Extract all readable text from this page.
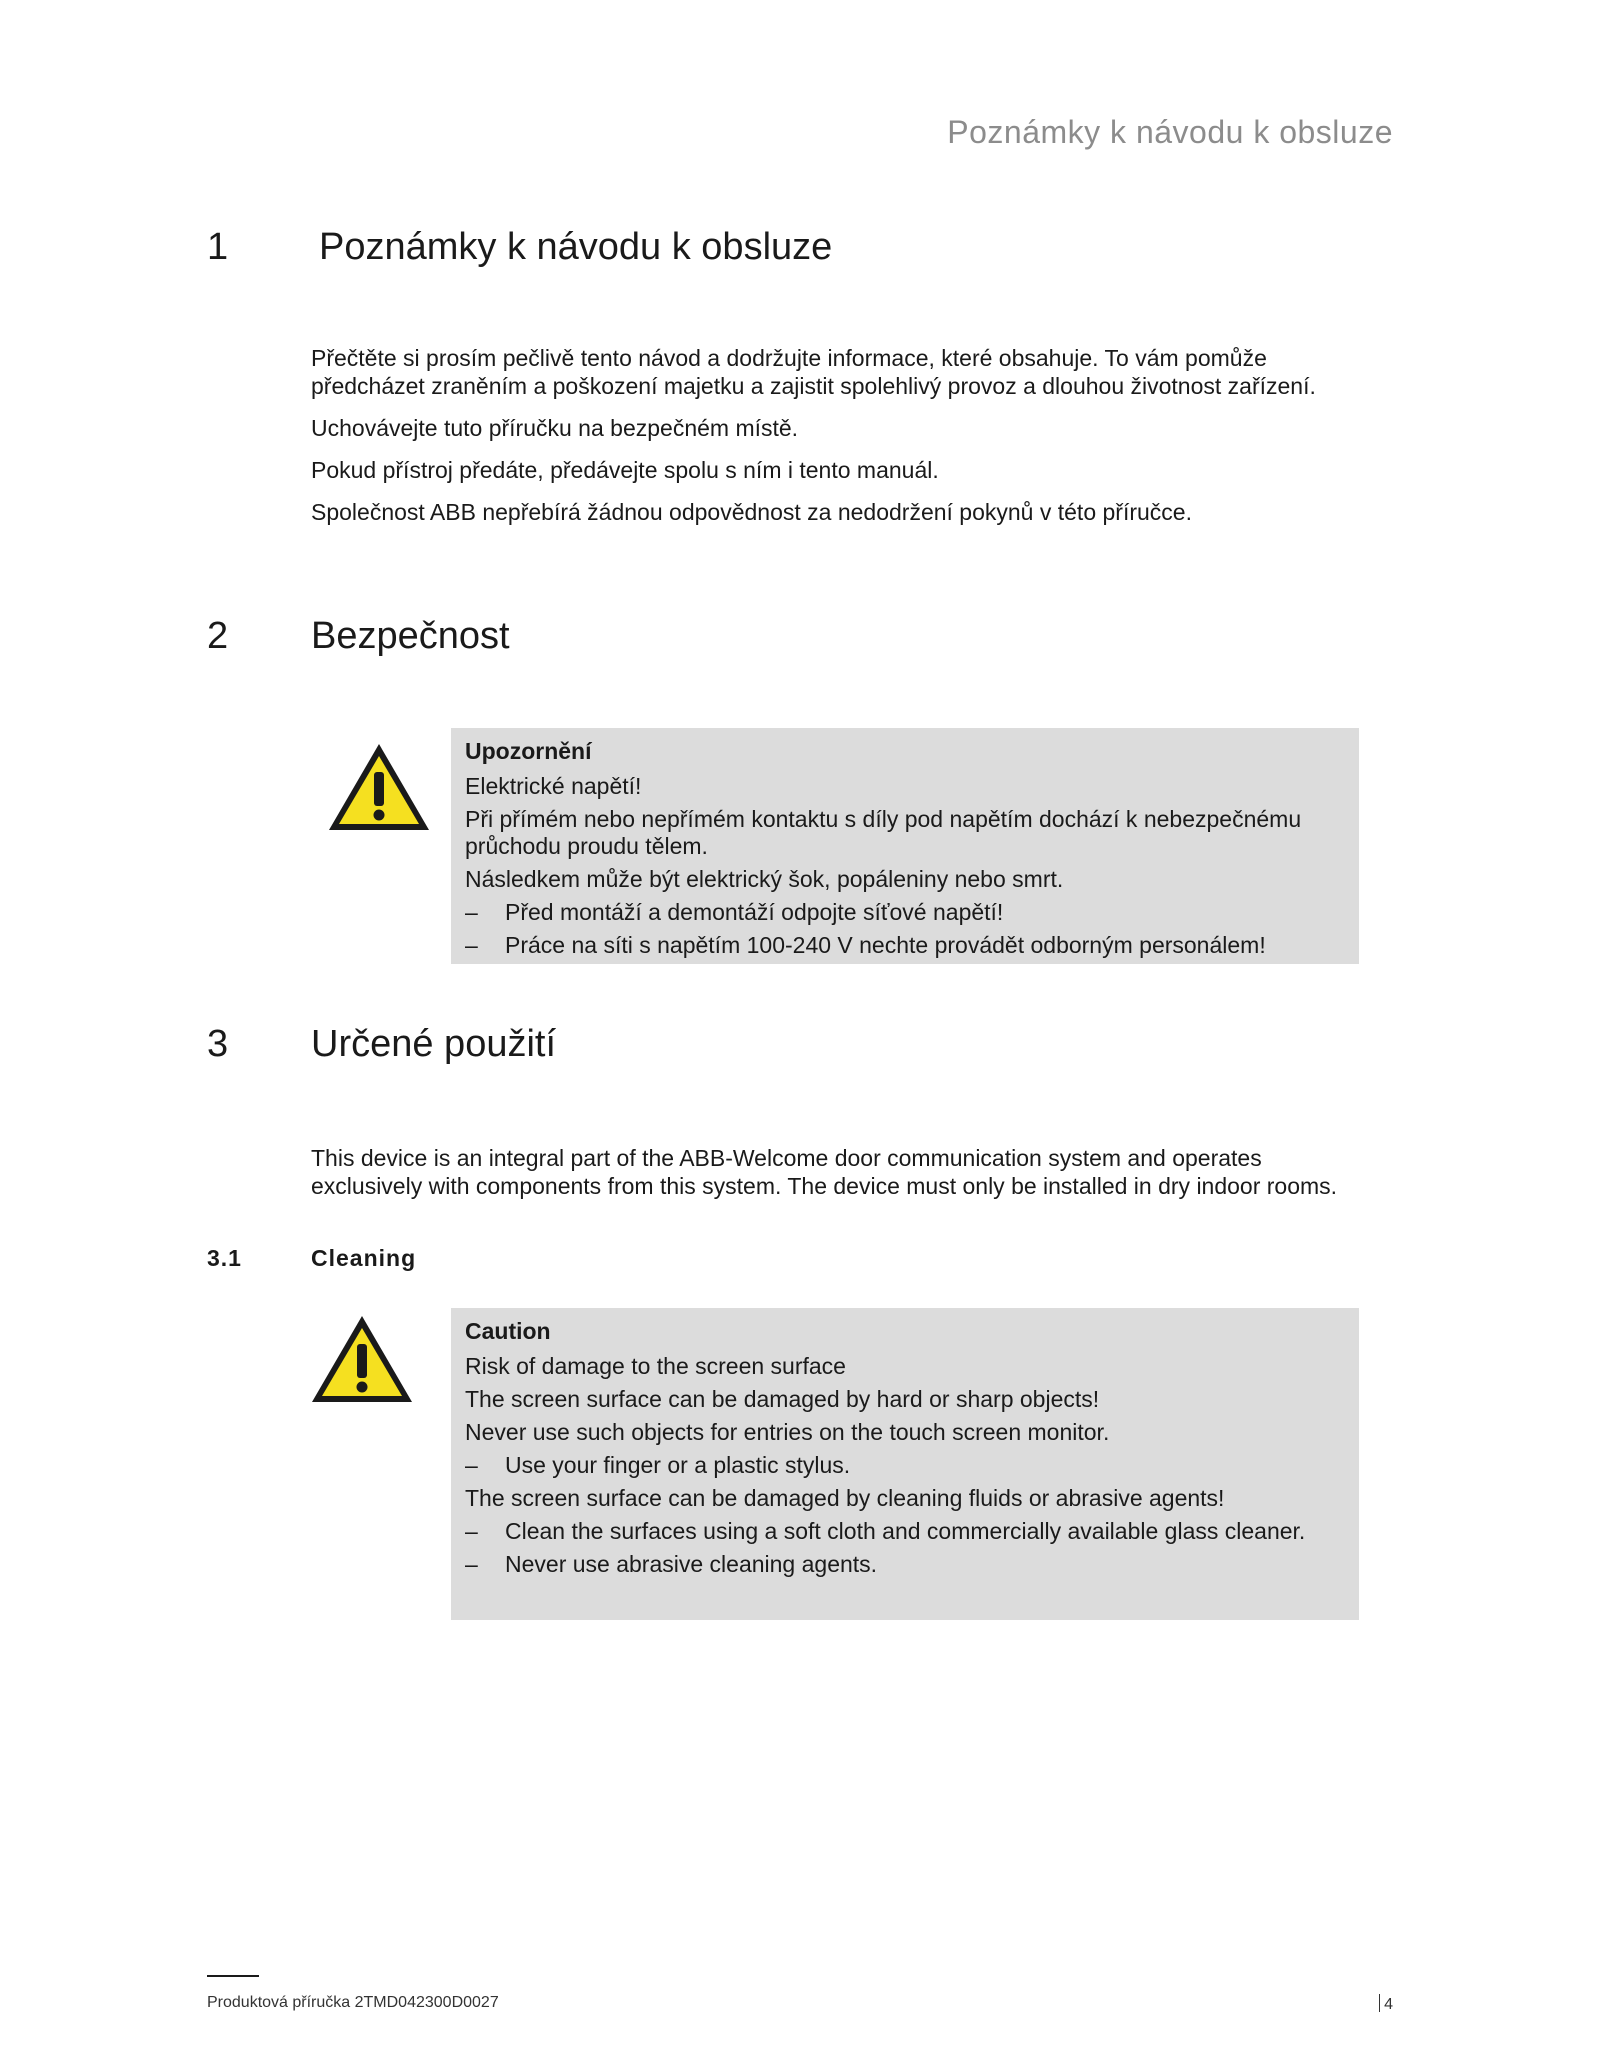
Poznámky k návodu k obsluze
1 Poznámky k návodu k obsluze

Přečtěte si prosím pečlivě tento návod a dodržujte informace, které obsahuje. To vám pomůže předcházet zraněním a poškození majetku a zajistit spolehlivý provoz a dlouhou životnost zařízení.

Uchovávejte tuto příručku na bezpečném místě.

Pokud přístroj předáte, předávejte spolu s ním i tento manuál.

Společnost ABB nepřebírá žádnou odpovědnost za nedodržení pokynů v této příručce.

2 Bezpečnost
Upozornění
Elektrické napětí!
Při přímém nebo nepřímém kontaktu s díly pod napětím dochází k nebezpečnému průchodu proudu tělem.
Následkem může být elektrický šok, popáleniny nebo smrt.
– Před montáží a demontáží odpojte síťové napětí!
– Práce na síti s napětím 100-240 V nechte provádět odborným personálem!
3 Určené použití

This device is an integral part of the ABB-Welcome door communication system and operates exclusively with components from this system. The device must only be installed in dry indoor rooms.

3.1	Cleaning
Caution
Risk of damage to the screen surface
The screen surface can be damaged by hard or sharp objects!
Never use such objects for entries on the touch screen monitor.
– Use your finger or a plastic stylus.
The screen surface can be damaged by cleaning fluids or abrasive agents!
– Clean the surfaces using a soft cloth and commercially available glass cleaner.
– Never use abrasive cleaning agents.
Produktová příručka 2TMD042300D0027	4
